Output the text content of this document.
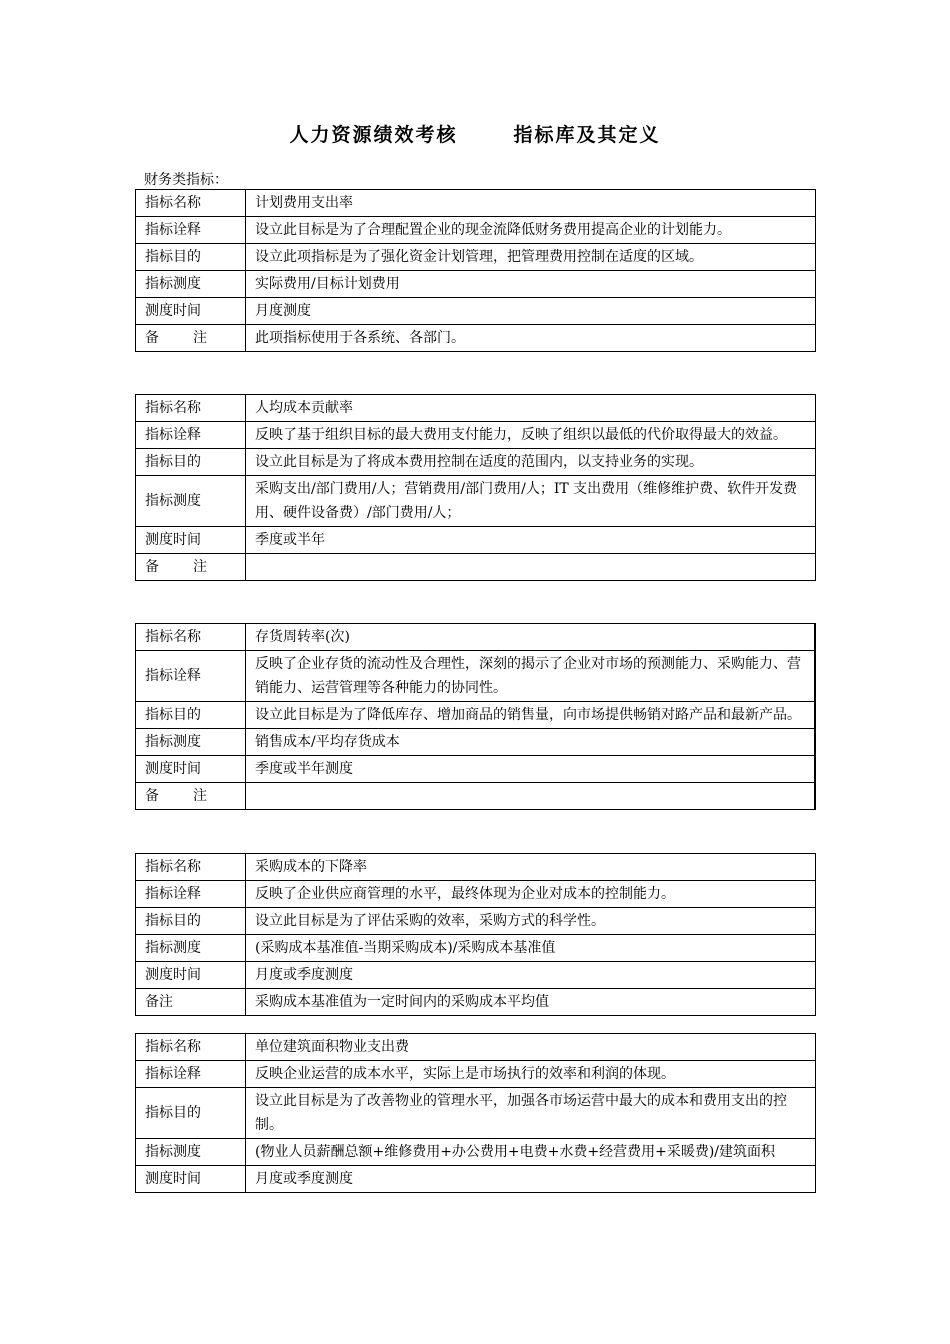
人力资源绩效考核	指标库及其定义
财务类指标：
指标名称	计划费用支出率
指标诠释	设立此目标是为了合理配置企业的现金流降低财务费用提高企业的计划能力。
指标目的	设立此项指标是为了强化资金计划管理，把管理费用控制在适度的区域。
指标测度	实际费用/目标计划费用
测度时间	月度测度

备 注	此项指标使用于各系统、各部门。
指标名称	人均成本贡献率
指标诠释	反映了基于组织目标的最大费用支付能力，反映了组织以最低的代价取得最大的效益。
指标目的	设立此目标是为了将成本费用控制在适度的范围内，以支持业务的实现。
指标测度	采购支出/部门费用/人；营销费用/部门费用/人；IT 支出费用（维修维护费、软件开发费用、硬件设备费）/部门费用/人；
测度时间	季度或半年

备 注	

指标名称	存货周转率(次)
指标诠释	反映了企业存货的流动性及合理性，深刻的揭示了企业对市场的预测能力、采购能力、营销能力、运营管理等各种能力的协同性。
指标目的	设立此目标是为了降低库存、增加商品的销售量，向市场提供畅销对路产品和最新产品。
指标测度	销售成本/平均存货成本
测度时间	季度或半年测度

备 注	

指标名称	采购成本的下降率
指标诠释	反映了企业供应商管理的水平，最终体现为企业对成本的控制能力。
指标目的	设立此目标是为了评估采购的效率，采购方式的科学性。
指标测度	(采购成本基准值-当期采购成本)/采购成本基准值
测度时间	月度或季度测度
备注	采购成本基准值为一定时间内的采购成本平均值
指标名称	单位建筑面积物业支出费
指标诠释	反映企业运营的成本水平，实际上是市场执行的效率和利润的体现。
指标目的	设立此目标是为了改善物业的管理水平，加强各市场运营中最大的成本和费用支出的控制。
指标测度	(物业人员薪酬总额+维修费用+办公费用+电费+水费+经营费用+采暖费)/建筑面积
测度时间	月度或季度测度
